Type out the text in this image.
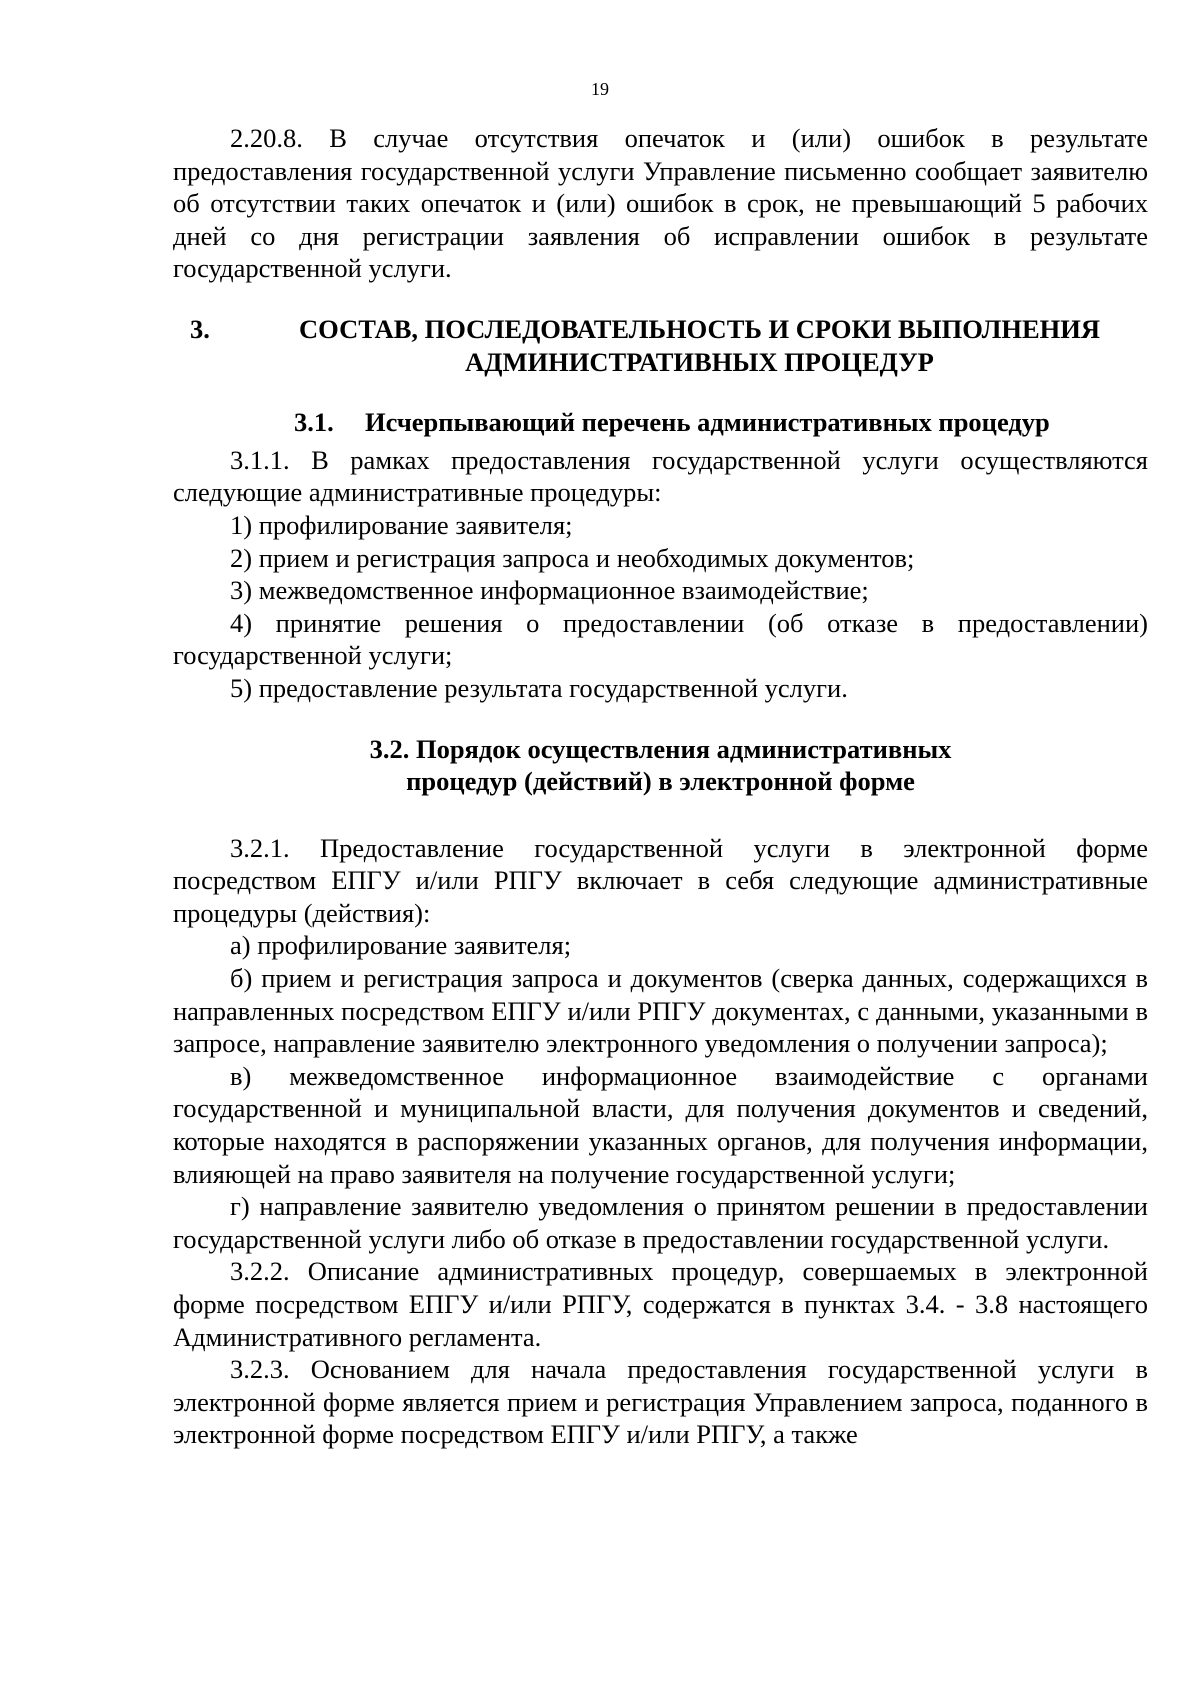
19

2.20.8. В случае отсутствия опечаток и (или) ошибок в результате предоставления государственной услуги Управление письменно сообщает заявителю об отсутствии таких опечаток и (или) ошибок в срок, не превышающий 5 рабочих дней со дня регистрации заявления об исправлении ошибок в результате государственной услуги.

3.	СОСТАВ, ПОСЛЕДОВАТЕЛЬНОСТЬ И СРОКИ ВЫПОЛНЕНИЯ
АДМИНИСТРАТИВНЫХ ПРОЦЕДУР
3.1. Исчерпывающий перечень административных процедур

3.1.1. В рамках предоставления государственной услуги осуществляются следующие административные процедуры:

1) профилирование заявителя;

2) прием и регистрация запроса и необходимых документов;

3) межведомственное информационное взаимодействие;

4) принятие решения о предоставлении (об отказе в предоставлении) государственной услуги;

5) предоставление результата государственной услуги.

3.2. Порядок осуществления административных
процедур (действий) в электронной форме

3.2.1. Предоставление государственной услуги в электронной форме посредством ЕПГУ и/или РПГУ включает в себя следующие административные процедуры (действия):

а) профилирование заявителя;

б) прием и регистрация запроса и документов (сверка данных, содержащихся в направленных посредством ЕПГУ и/или РПГУ документах, с данными, указанными в запросе, направление заявителю электронного уведомления о получении запроса);

в) межведомственное информационное взаимодействие с органами государственной и муниципальной власти, для получения документов и сведений, которые находятся в распоряжении указанных органов, для получения информации, влияющей на право заявителя на получение государственной услуги;

г) направление заявителю уведомления о принятом решении в предоставлении государственной услуги либо об отказе в предоставлении государственной услуги.

3.2.2. Описание административных процедур, совершаемых в электронной форме посредством ЕПГУ и/или РПГУ, содержатся в пунктах 3.4. - 3.8 настоящего Административного регламента.

3.2.3. Основанием для начала предоставления государственной услуги в электронной форме является прием и регистрация Управлением запроса, поданного в электронной форме посредством ЕПГУ и/или РПГУ, а также
